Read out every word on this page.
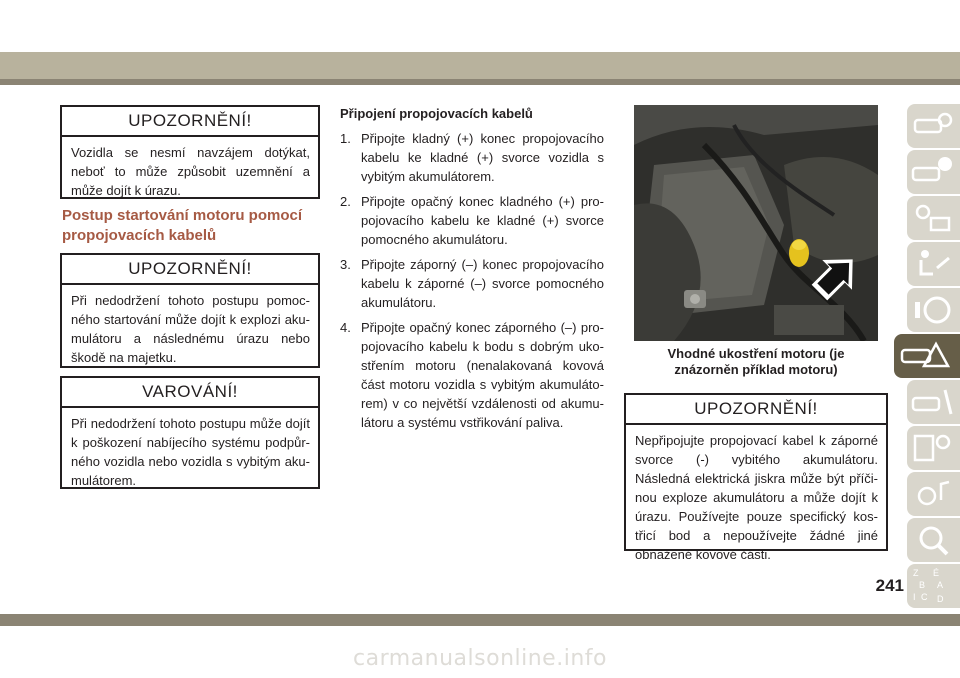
UPOZORNĚNÍ!
Vozidla se nesmí navzájem dotýkat, neboť to může způsobit uzemnění a může dojít k úrazu.
Postup startování motoru pomocí propojovacích kabelů
UPOZORNĚNÍ!
Při nedodržení tohoto postupu pomocného startování může dojít k explozi akumulátoru a následnému úrazu nebo škodě na majetku.
VAROVÁNÍ!
Při nedodržení tohoto postupu může dojít k poškození nabíjecího systému podpůrného vozidla nebo vozidla s vybitým akumulátorem.
Připojení propojovacích kabelů
1. Připojte kladný (+) konec propojovacího kabelu ke kladné (+) svorce vozidla s vybitým akumulátorem.
2. Připojte opačný konec kladného (+) propojovacího kabelu ke kladné (+) svorce pomocného akumulátoru.
3. Připojte záporný (–) konec propojovacího kabelu k záporné (–) svorce pomocného akumulátoru.
4. Připojte opačný konec záporného (–) propojovacího kabelu k bodu s dobrým ukostřením motoru (nenalakovaná kovová část motoru vozidla s vybitým akumulátorem) v co největší vzdálenosti od akumulátoru a systému vstřikování paliva.
Vhodné ukostření motoru (je znázorněn příklad motoru)
UPOZORNĚNÍ!
Nepřipojujte propojovací kabel k záporné svorce (-) vybitého akumulátoru. Následná elektrická jiskra může být příčinou exploze akumulátoru a může dojít k úrazu. Používejte pouze specifický kostřicí bod a nepoužívejte žádné jiné obnažené kovové části.
Z É
B A
I C D
241
carmanualsonline.info
